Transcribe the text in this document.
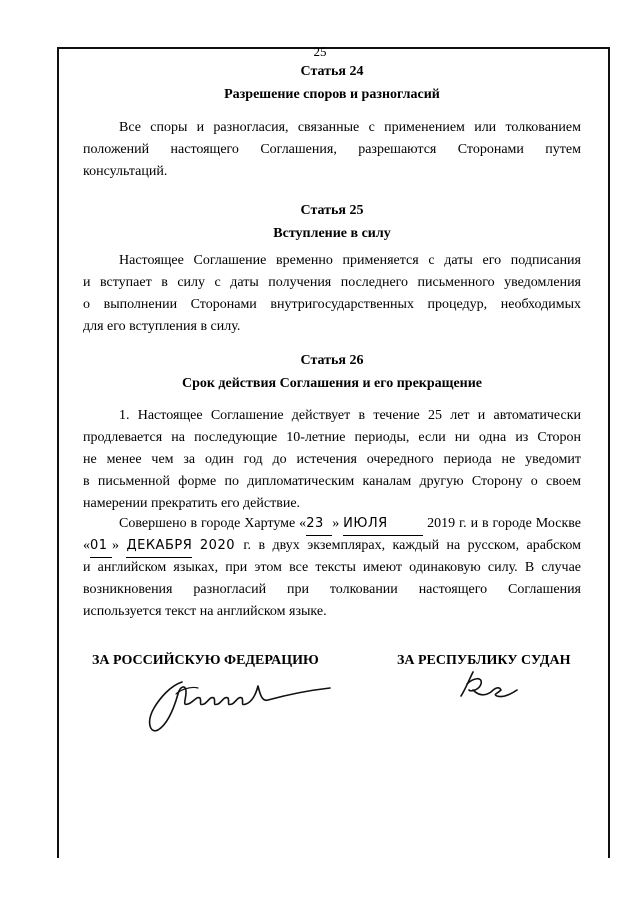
25
Статья 24
Разрешение споров и разногласий
Все споры и разногласия, связанные с применением или толкованием
положений настоящего Соглашения, разрешаются Сторонами путем
консультаций.
Статья 25
Вступление в силу
Настоящее Соглашение временно применяется с даты его подписания
и вступает в силу с даты получения последнего письменного уведомления
о выполнении Сторонами внутригосударственных процедур, необходимых
для его вступления в силу.
Статья 26
Срок действия Соглашения и его прекращение
1. Настоящее Соглашение действует в течение 25 лет и автоматически
продлевается на последующие 10-летние периоды, если ни одна из Сторон
не менее чем за один год до истечения очередного периода не уведомит
в письменной форме по дипломатическим каналам другую Сторону о своем
намерении прекратить его действие.
Совершено в городе Хартуме «23 » ИЮЛЯ	2019 г. и в городе Москве
«01 » ДЕКАБРЯ 2020 г. в двух экземплярах, каждый на русском, арабском
и английском языках, при этом все тексты имеют одинаковую силу. В случае
возникновения разногласий при толковании настоящего Соглашения
используется текст на английском языке.
ЗА РОССИЙСКУЮ ФЕДЕРАЦИЮ	ЗА РЕСПУБЛИКУ СУДАН
